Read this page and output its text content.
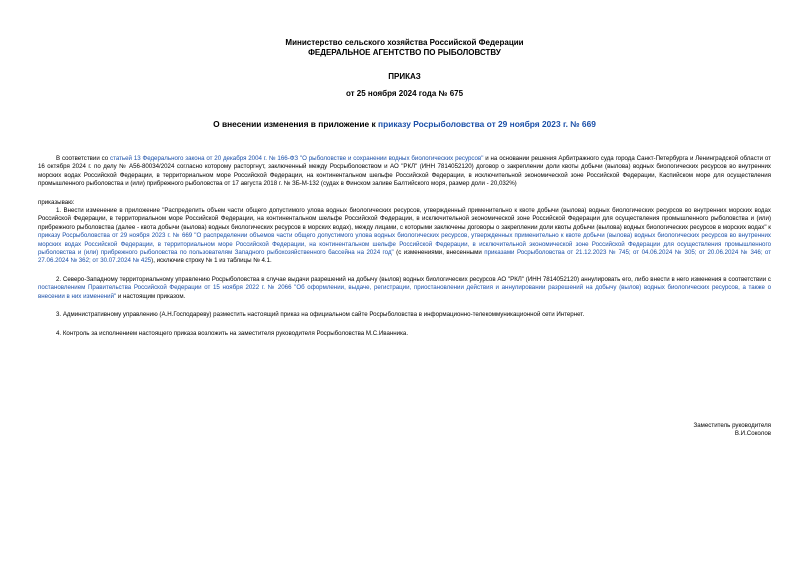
Министерство сельского хозяйства Российской Федерации
ФЕДЕРАЛЬНОЕ АГЕНТСТВО ПО РЫБОЛОВСТВУ
ПРИКАЗ
от 25 ноября 2024 года № 675
О внесении изменения в приложение к приказу Росрыболовства от 29 ноября 2023 г. № 669

В соответствии со статьей 13 Федерального закона от 20 декабря 2004 г. № 166-ФЗ "О рыболовстве и сохранении водных биологических ресурсов" и на основании решения Арбитражного суда города Санкт-Петербурга и Ленинградской области от 16 октября 2024 г. по делу № А56-80034/2024 согласно которому расторгнут, заключенный между Росрыболовством и АО "РКЛ" (ИНН 7814052120) договор о закреплении доли квоты добычи (вылова) водных биологических ресурсов во внутренних морских водах Российской Федерации, в территориальном море Российской Федерации, на континентальном шельфе Российской Федерации, в исключительной экономической зоне Российской Федерации, Каспийском море для осуществления промышленного рыболовства и (или) прибрежного рыболовства от 17 августа 2018 г. № ЗБ-М-132 (судах в Финском заливе Балтийского моря, размер доли - 20,032%)

приказываю:

1. Внести изменение в приложение "Распределить объем части общего допустимого улова водных биологических ресурсов, утвержденный применительно к квоте добычи (вылова) водных биологических ресурсов во внутренних морских водах Российской Федерации, в территориальном море Российской Федерации, на континентальном шельфе Российской Федерации, в исключительной экономической зоне Российской Федерации для осуществления промышленного рыболовства и (или) прибрежного рыболовства (далее - квота добычи (вылова) водных биологических ресурсов в морских водах), между лицами, с которыми заключены договоры о закреплении доли квоты добычи (вылова) водных биологических ресурсов в морских водах" к приказу Росрыболовства от 29 ноября 2023 г. № 669 "О распределении объемов части общего допустимого улова водных биологических ресурсов, утвержденных применительно к квоте добычи (вылова) водных биологических ресурсов во внутренних морских водах Российской Федерации, в территориальном море Российской Федерации, на континентальном шельфе Российской Федерации, в исключительной экономической зоне Российской Федерации для осуществления промышленного рыболовства и (или) прибрежного рыболовства по пользователям Западного рыбохозяйственного бассейна на 2024 год" (с изменениями, внесенными приказами Росрыболовства от 21.12.2023 № 745; от 04.06.2024 № 305; от 20.06.2024 № 346; от 27.06.2024 № 362; от 30.07.2024 № 425), исключив строку № 1 из таблицы № 4.1.

2. Северо-Западному территориальному управлению Росрыболовства в случае выдачи разрешений на добычу (вылов) водных биологических ресурсов АО "РКЛ" (ИНН 7814052120) аннулировать его, либо внести в него изменения в соответствии с постановлением Правительства Российской Федерации от 15 ноября 2022 г. № 2066 "Об оформлении, выдаче, регистрации, приостановлении действия и аннулировании разрешений на добычу (вылов) водных биологических ресурсов, а также о внесении в них изменений" и настоящим приказом.

3. Административному управлению (А.Н.Господареву) разместить настоящий приказ на официальном сайте Росрыболовства в информационно-телекоммуникационной сети Интернет.

4. Контроль за исполнением настоящего приказа возложить на заместителя руководителя Росрыболовства М.С.Иванника.

Заместитель руководителя
В.И.Соколов
